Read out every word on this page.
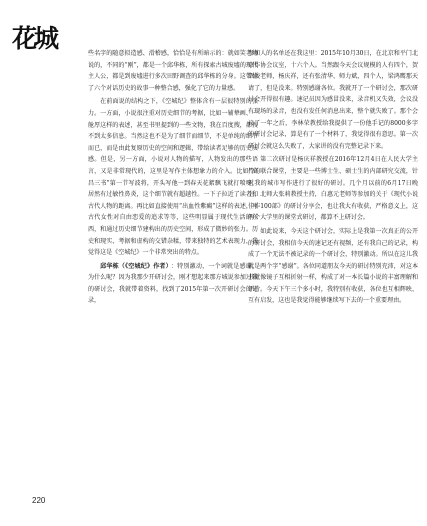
花城

些名字的随意拟造感、滑稽感，恰恰是有所暗示的：就如笑老师说的，不同的“刚”，都是一个邱华栋，所有探索古城废墟的现代主人公，都是到废墟进行多次田野调查的邱华栋的分身。这带给了六个对话历史的故事一种整合感，强化了它的力量感。

在前面说的结构之下，《空城纪》整体含有一层很特别的张力。一方面，小说很注重对历史细节的考据，比如一辅辇画、一舱厚这样的表述，甚至书里提到的一些文物，我在百度搜，都搜不到太多信息。当然这也不是为了细节而细节，不是单纯的细节而已，而是由此复原历史的空间和逻辑，带给读者足够的历史质感。但是，另一方面，小说对人物的描写，人物发出的那些语言，又是非常现代的，这里是写作主体想象力的介入。比如“高昌三书”第一节写波将，开头写他一到春天花絮飘飞就打喷嚏，居然有过敏性鼻炎，这个细节就有超越性。一下子拉近了读者和古代人物的距离。再比如直接使用“出血性紫癜”这样的表述，写古代女性对自由恋爱的追求等等，这些明显属于现代生活的东西，和通过历史细节建构出的历史空间，形成了微妙的张力。历史和现实、考据和虚构的交错杂糅，带来独特的艺术表现力，我觉得这是《空城纪》一个非常突出的特点。

邱华栋（《空城纪》作者） ：特别激动，一个词就是感谢，为什么呢？因为我那少开研讨会，刚才想起来那方城说参加过我的研讨会，我就带着资料，找到了2015年第一次开研讨会的记录，

参加人的名单还在我这里：2015年10月30日，在北京和平门北京作协会议室，十六个人。当然跟今天会议规模的人有四个，贺绍俊老师，杨庆祥，还有张清华、师力斌，四个人，梁鸿鹰那天请了，但是没来。特别感谢各位。我就开了一个研讨会，那次研讨会开得很有趣。速记员因为感冒没来，录音机又失效，会议没有现场的录音，也没有发任何消息出来，整个就失败了。那个会议了一年之后，李林荣教授给我提供了一份他手记的8000多字的研讨会记录，算是有了一个材料了，我觉得很有意思。第一次研讨会就这么失败了，大家讲的没有完整记录下来。

第二次研讨是杨庆祥教授在2016年12月4日在人民大学主持的联合课堂，主要是一些博士生、硕士生的内部研究交流，针对我的城市写作进行了很好的研讨。几个月以前的6月17日晚上，北师大张莉教授主持，白惠元老师等参加的关于《现代小说佳作100部》的研讨分享会，也让我大有收获，严格意义上，这两个大学里的课堂式研讨，都算不上研讨会。

如此说来，今天这个研讨会，实际上是我第一次真正的公开的研讨会，我相信今天的速记还有视频，还有我自己的记录，构成了一个无法不被记录的一个研讨会，特别激动。所以在这儿我就是两个字“感谢”。各位同道朋友今天的研讨特别充沛，对这本书就像镜子互相折射一样，构成了对一本长篇小说的丰富理解和评价。今天下午三个多小时，我特别有收获，各位也互相辉映、互有启发，这也是我觉得能够继续写下去的一个重要理由。

220
